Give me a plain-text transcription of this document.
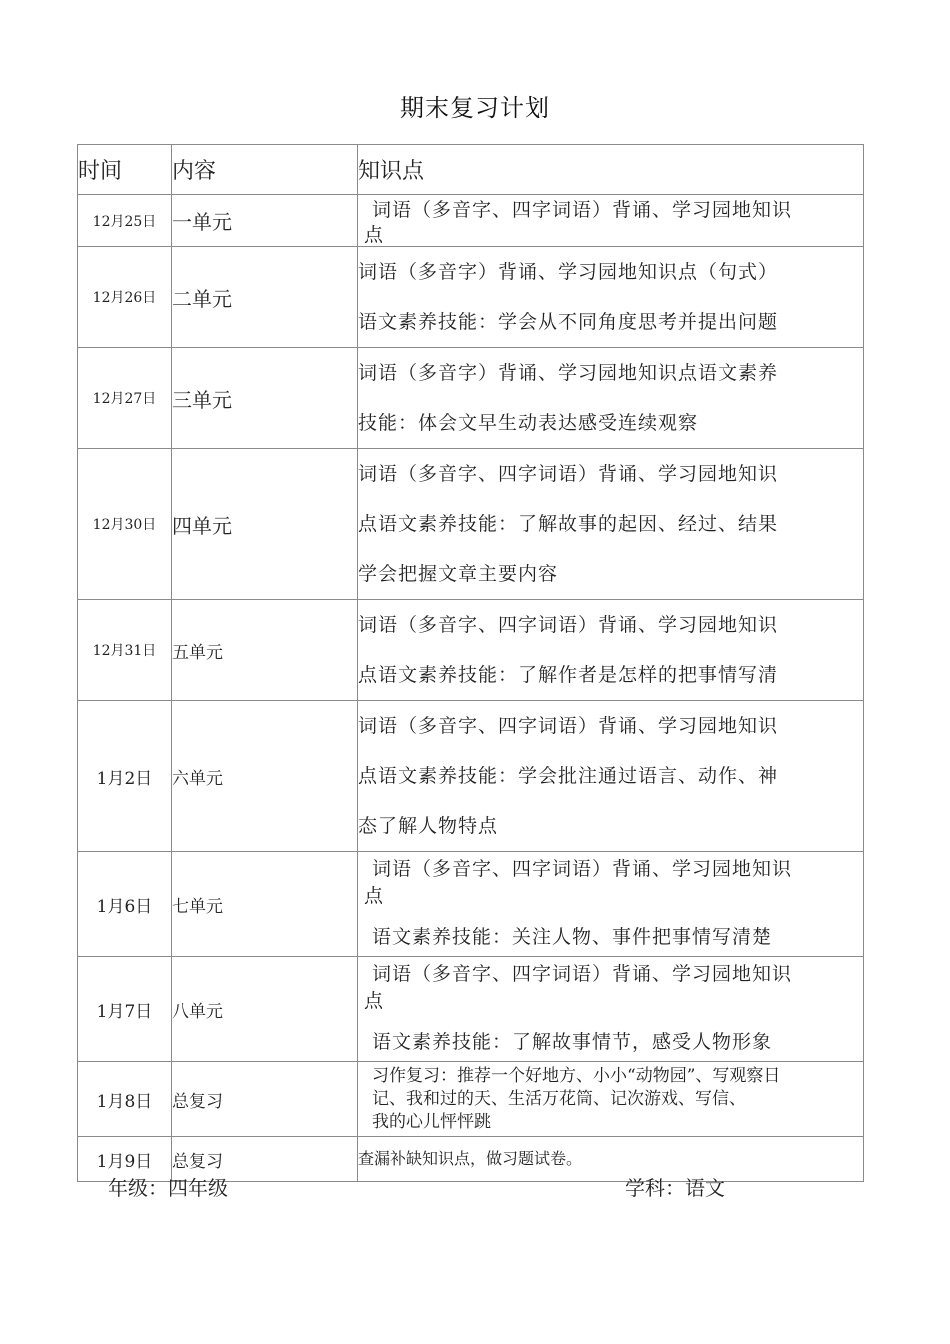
期末复习计划
时间	内容	知识点
12月25日	一单元	词语（多音字、四字词语）背诵、学习园地知识
点

12月26日	二单元	词语（多音字）背诵、学习园地知识点（句式）
语文素养技能：学会从不同角度思考并提出问题

12月27日	三单元	词语（多音字）背诵、学习园地知识点语文素养
技能：体会文早生动表达感受连续观察

12月30日	四单元	词语（多音字、四字词语）背诵、学习园地知识
点语文素养技能：了解故事的起因、经过、结果
学会把握文章主要内容

12月31日	五单元	词语（多音字、四字词语）背诵、学习园地知识
点语文素养技能：了解作者是怎样的把事情写清

1月2日	六单元	词语（多音字、四字词语）背诵、学习园地知识
点语文素养技能：学会批注通过语言、动作、神
态了解人物特点

1月6日	七单元	词语（多音字、四字词语）背诵、学习园地知识
点
语文素养技能：关注人物、事件把事情写清楚

1月7日	八单元	词语（多音字、四字词语）背诵、学习园地知识
点
语文素养技能：了解故事情节，感受人物形象

1月8日	总复习	习作复习：推荐一个好地方、小小“动物园”、写观察日
记、我和过的天、生活万花筒、记次游戏、写信、
我的心儿怦怦跳

1月9日	总复习	查漏补缺知识点，做习题试卷。
年级：四年级	学科：语文
